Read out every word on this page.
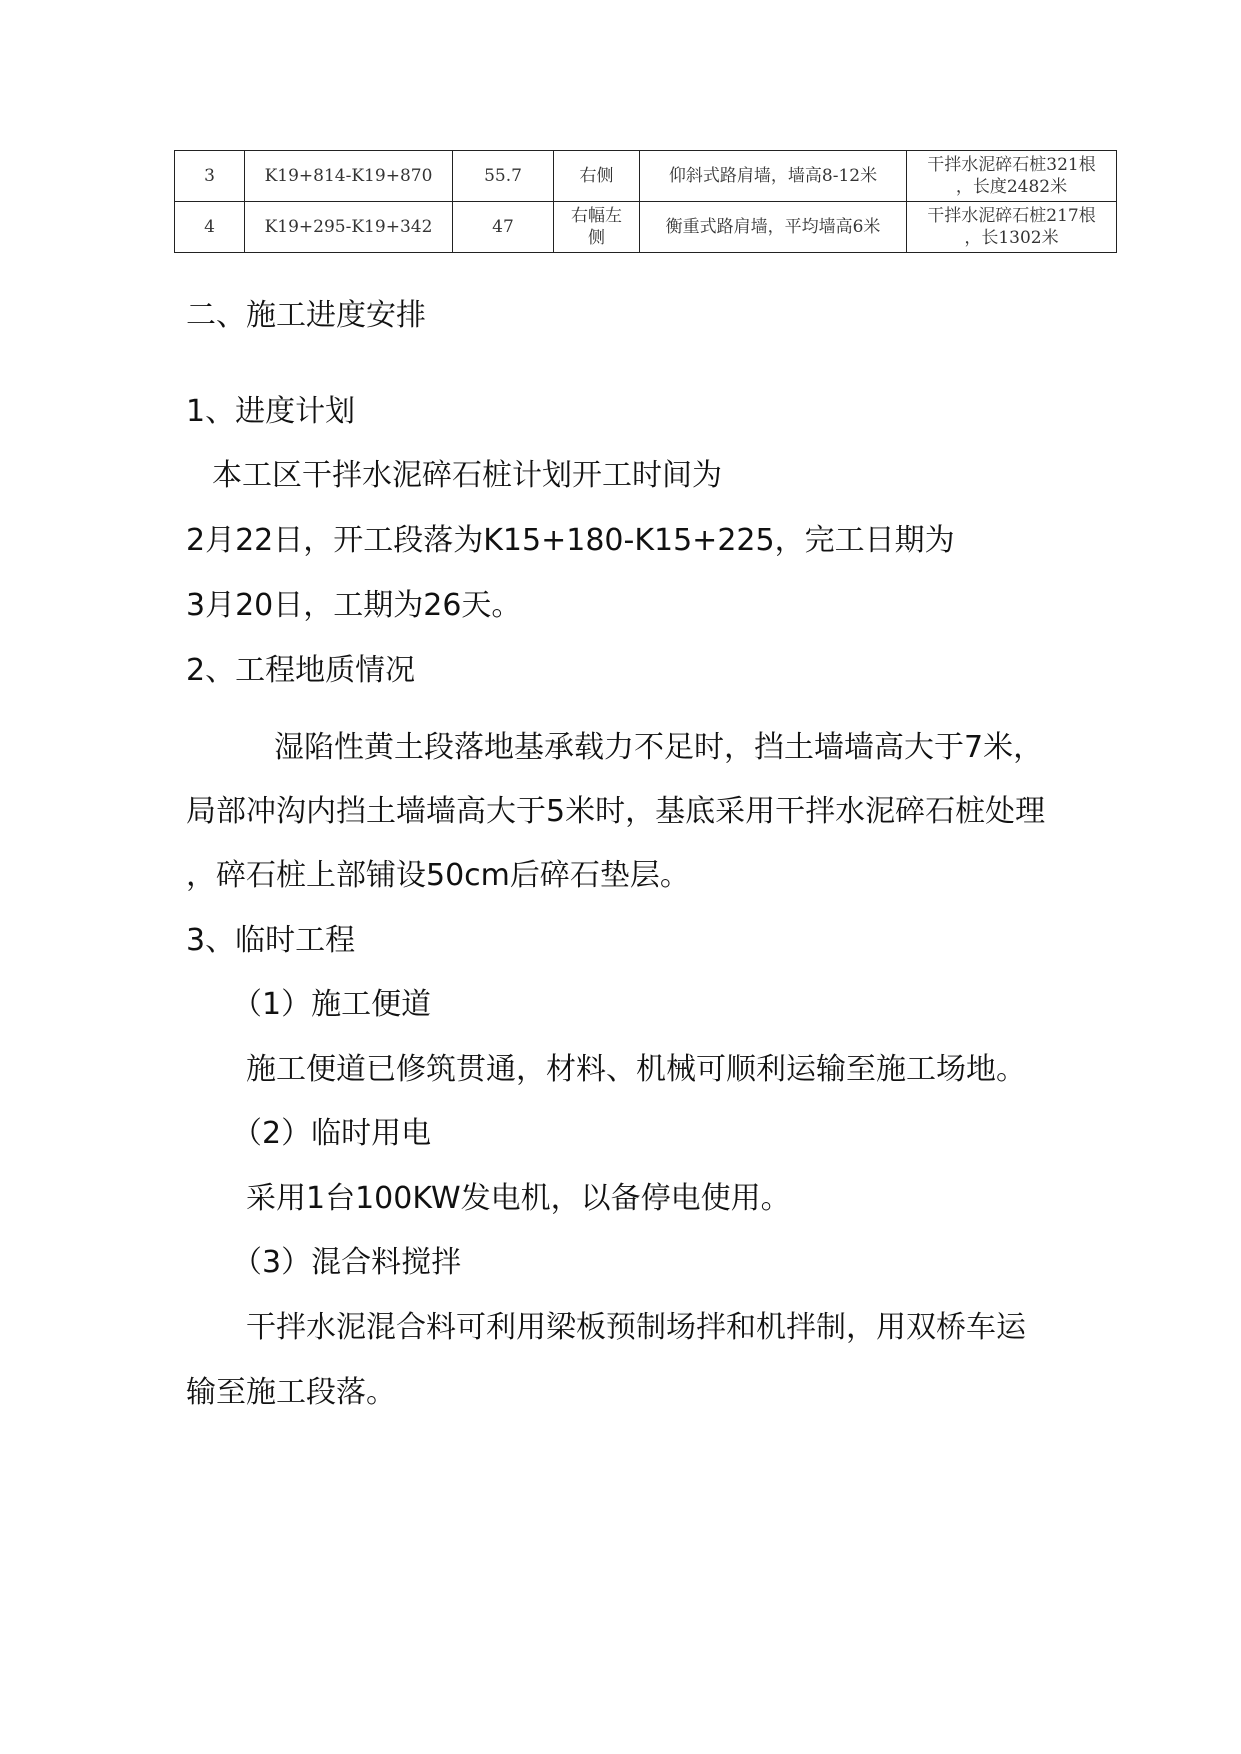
3	K19+814-K19+870	55.7	右侧	仰斜式路肩墙，墙高8-12米	干拌水泥碎石桩321根
，长度2482米

4	K19+295-K19+342	47	右幅左侧	衡重式路肩墙，平均墙高6米	干拌水泥碎石桩217根
，长1302米
二、施工进度安排
1、进度计划
本工区干拌水泥碎石桩计划开工时间为
2月22日，开工段落为K15+180-K15+225，完工日期为
3月20日，工期为26天。
2、工程地质情况
湿陷性黄土段落地基承载力不足时，挡土墙墙高大于7米，
局部冲沟内挡土墙墙高大于5米时，基底采用干拌水泥碎石桩处理
，碎石桩上部铺设50cm后碎石垫层。
3、临时工程
（1）施工便道
施工便道已修筑贯通，材料、机械可顺利运输至施工场地。
（2）临时用电
采用1台100KW发电机，以备停电使用。
（3）混合料搅拌
干拌水泥混合料可利用梁板预制场拌和机拌制，用双桥车运
输至施工段落。
